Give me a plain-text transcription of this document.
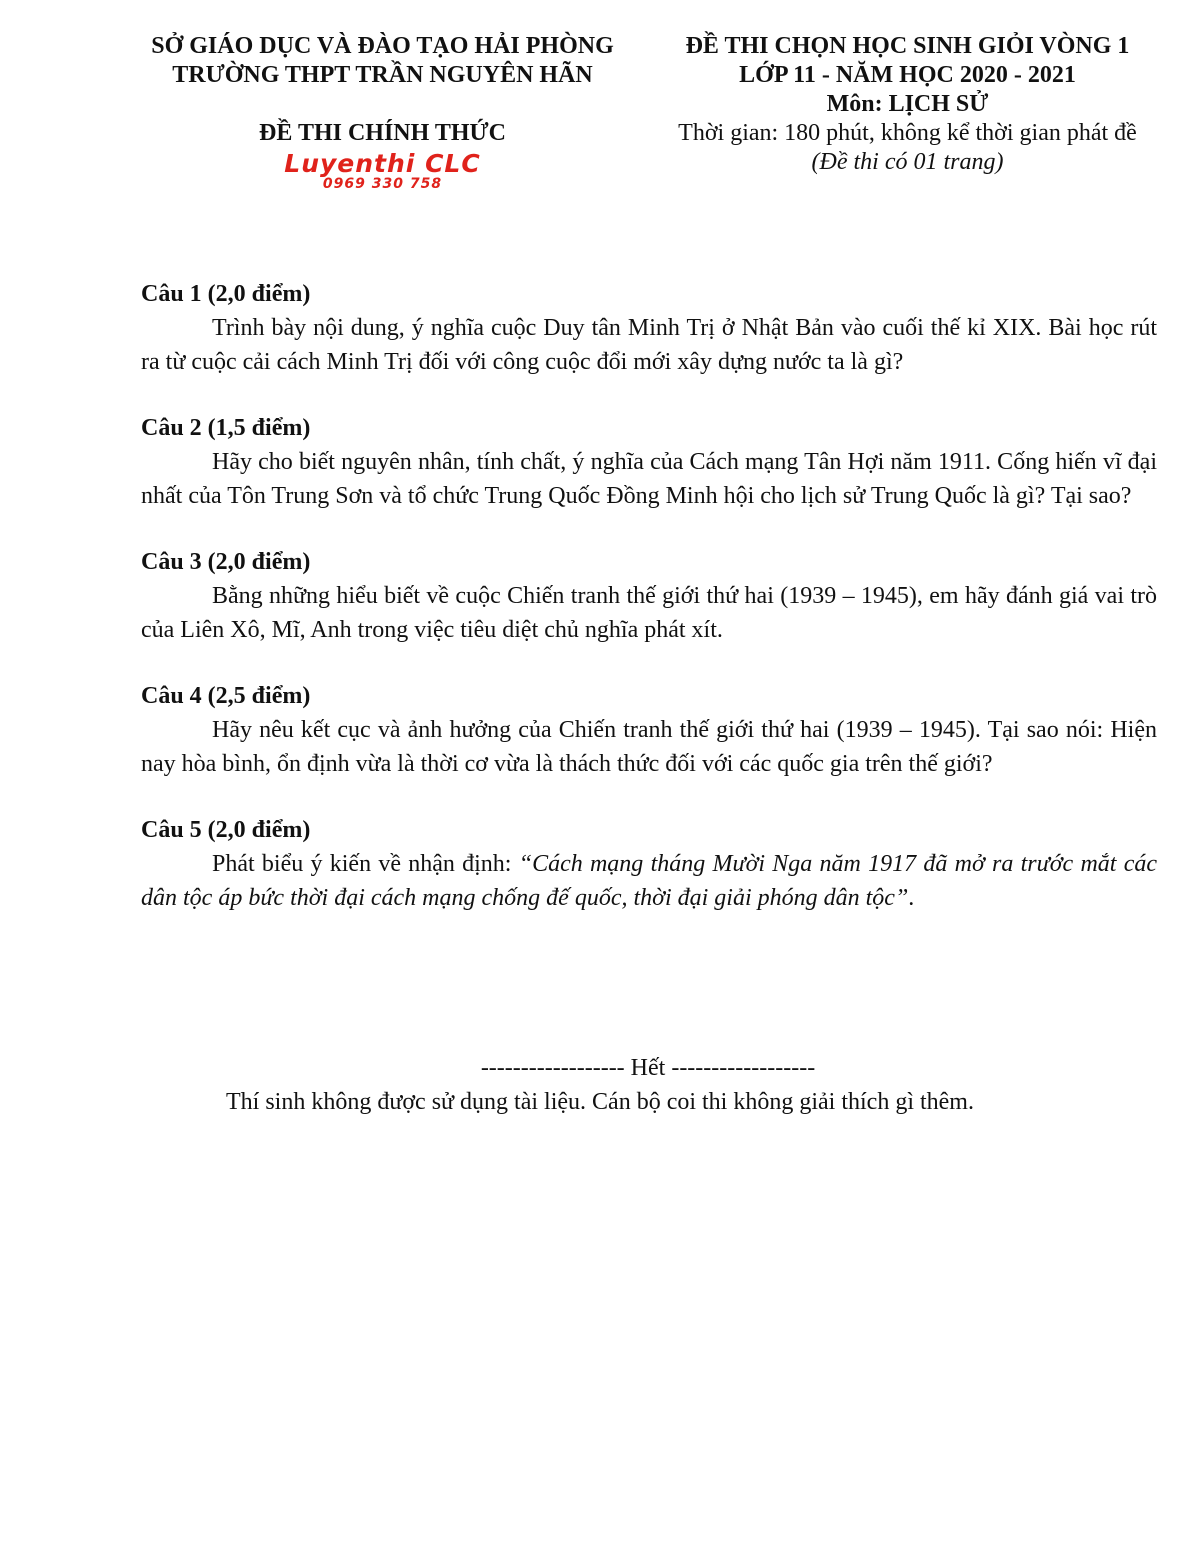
SỞ GIÁO DỤC VÀ ĐÀO TẠO HẢI PHÒNG
TRƯỜNG THPT TRẦN NGUYÊN HÃN
ĐỀ THI CHÍNH THỨC
Luyenthi CLC
0969 330 758
ĐỀ THI CHỌN HỌC SINH GIỎI VÒNG 1
LỚP 11 - NĂM HỌC 2020 - 2021
Môn: LỊCH SỬ
Thời gian: 180 phút, không kể thời gian phát đề
(Đề thi có 01 trang)
Câu 1 (2,0 điểm)
Trình bày nội dung, ý nghĩa cuộc Duy tân Minh Trị ở Nhật Bản vào cuối thế kỉ XIX. Bài học rút ra từ cuộc cải cách Minh Trị đối với công cuộc đổi mới xây dựng nước ta là gì?
Câu 2 (1,5 điểm)
Hãy cho biết nguyên nhân, tính chất, ý nghĩa của Cách mạng Tân Hợi năm 1911. Cống hiến vĩ đại nhất của Tôn Trung Sơn và tổ chức Trung Quốc Đồng Minh hội cho lịch sử Trung Quốc là gì? Tại sao?
Câu 3 (2,0 điểm)
Bằng những hiểu biết về cuộc Chiến tranh thế giới thứ hai (1939 – 1945), em hãy đánh giá vai trò của Liên Xô, Mĩ, Anh trong việc tiêu diệt chủ nghĩa phát xít.
Câu 4 (2,5 điểm)
Hãy nêu kết cục và ảnh hưởng của Chiến tranh thế giới thứ hai (1939 – 1945). Tại sao nói: Hiện nay hòa bình, ổn định vừa là thời cơ vừa là thách thức đối với các quốc gia trên thế giới?
Câu 5 (2,0 điểm)
Phát biểu ý kiến về nhận định: “Cách mạng tháng Mười Nga năm 1917 đã mở ra trước mắt các dân tộc áp bức thời đại cách mạng chống đế quốc, thời đại giải phóng dân tộc”.
------------------ Hết ------------------
Thí sinh không được sử dụng tài liệu. Cán bộ coi thi không giải thích gì thêm.
